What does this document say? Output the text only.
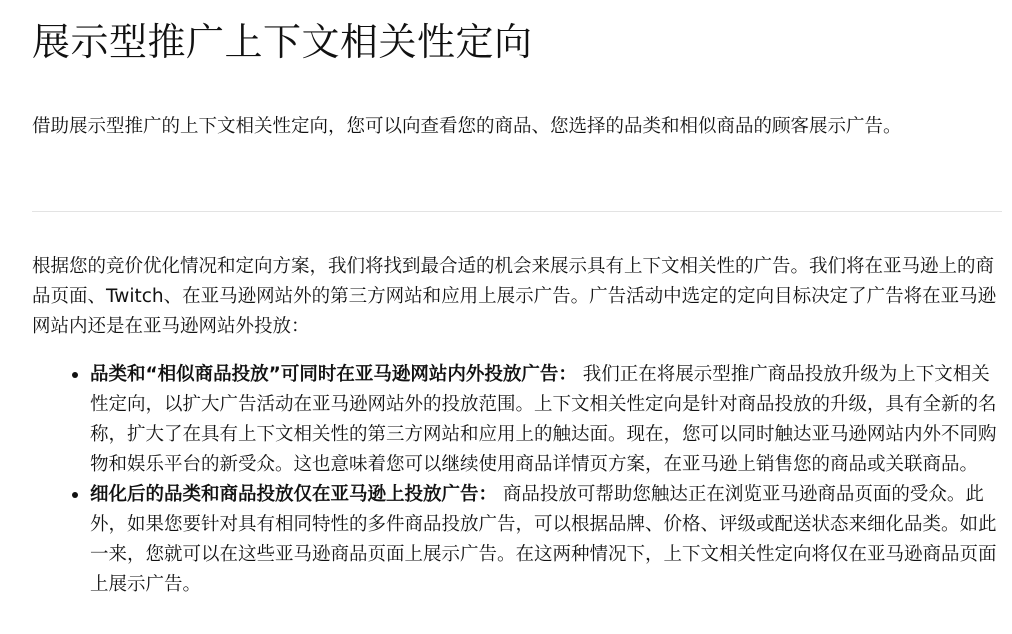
展示型推广上下文相关性定向

借助展示型推广的上下文相关性定向，您可以向查看您的商品、您选择的品类和相似商品的顾客展示广告。

根据您的竞价优化情况和定向方案，我们将找到最合适的机会来展示具有上下文相关性的广告。我们将在亚马逊上的商品页面、Twitch、在亚马逊网站外的第三方网站和应用上展示广告。广告活动中选定的定向目标决定了广告将在亚马逊网站内还是在亚马逊网站外投放：

品类和“相似商品投放”可同时在亚马逊网站内外投放广告： 我们正在将展示型推广商品投放升级为上下文相关性定向，以扩大广告活动在亚马逊网站外的投放范围。上下文相关性定向是针对商品投放的升级，具有全新的名称，扩大了在具有上下文相关性的第三方网站和应用上的触达面。现在，您可以同时触达亚马逊网站内外不同购物和娱乐平台的新受众。这也意味着您可以继续使用商品详情页方案，在亚马逊上销售您的商品或关联商品。
细化后的品类和商品投放仅在亚马逊上投放广告： 商品投放可帮助您触达正在浏览亚马逊商品页面的受众。此外，如果您要针对具有相同特性的多件商品投放广告，可以根据品牌、价格、评级或配送状态来细化品类。如此一来，您就可以在这些亚马逊商品页面上展示广告。在这两种情况下，上下文相关性定向将仅在亚马逊商品页面上展示广告。
